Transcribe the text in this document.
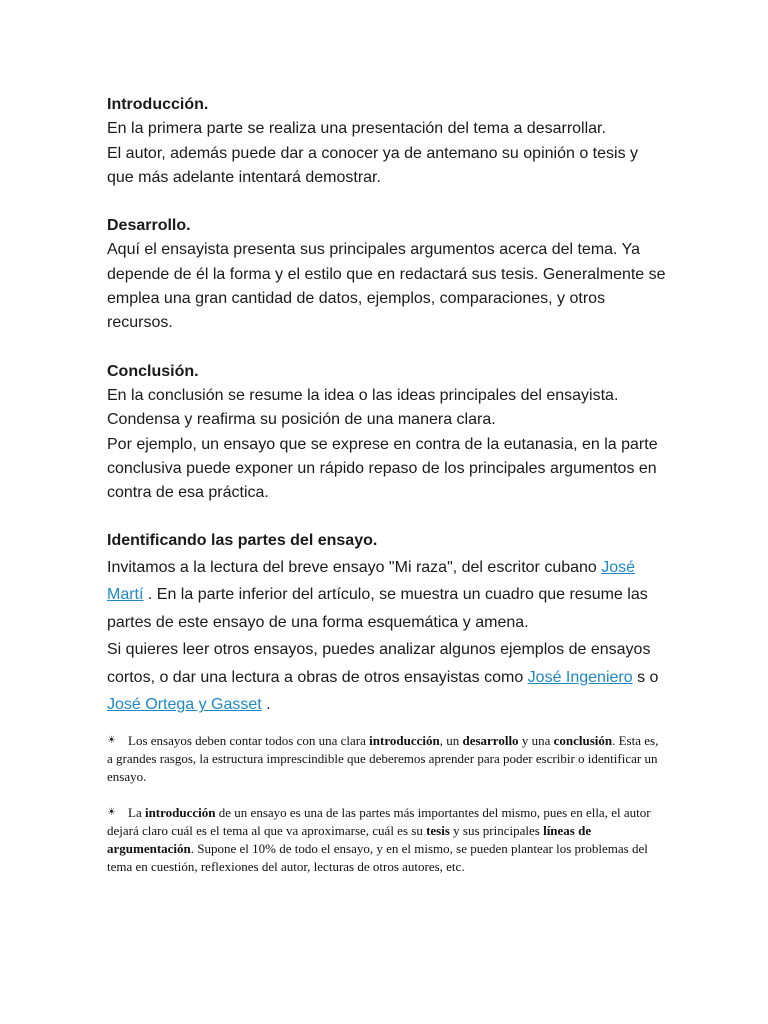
Introducción.

En la primera parte se realiza una presentación del tema a desarrollar.

El autor, además puede dar a conocer ya de antemano su opinión o tesis y que más adelante intentará demostrar.

Desarrollo.

Aquí el ensayista presenta sus principales argumentos acerca del tema. Ya depende de él la forma y el estilo que en redactará sus tesis. Generalmente se emplea una gran cantidad de datos, ejemplos, comparaciones, y otros recursos.

Conclusión.

En la conclusión se resume la idea o las ideas principales del ensayista.

Condensa y reafirma su posición de una manera clara.

Por ejemplo, un ensayo que se exprese en contra de la eutanasia, en la parte conclusiva puede exponer un rápido repaso de los principales argumentos en contra de esa práctica.

Identificando las partes del ensayo.

Invitamos a la lectura del breve ensayo "Mi raza", del escritor cubano José Martí . En la parte inferior del artículo, se muestra un cuadro que resume las partes de este ensayo de una forma esquemática y amena.

Si quieres leer otros ensayos, puedes analizar algunos ejemplos de ensayos cortos, o dar una lectura a obras de otros ensayistas como José Ingeniero s o José Ortega y Gasset .

☀ Los ensayos deben contar todos con una clara introducción, un desarrollo y una conclusión. Esta es, a grandes rasgos, la estructura imprescindible que deberemos aprender para poder escribir o identificar un ensayo.

☀ La introducción de un ensayo es una de las partes más importantes del mismo, pues en ella, el autor dejará claro cuál es el tema al que va aproximarse, cuál es su tesis y sus principales líneas de argumentación. Supone el 10% de todo el ensayo, y en el mismo, se pueden plantear los problemas del tema en cuestión, reflexiones del autor, lecturas de otros autores, etc.
